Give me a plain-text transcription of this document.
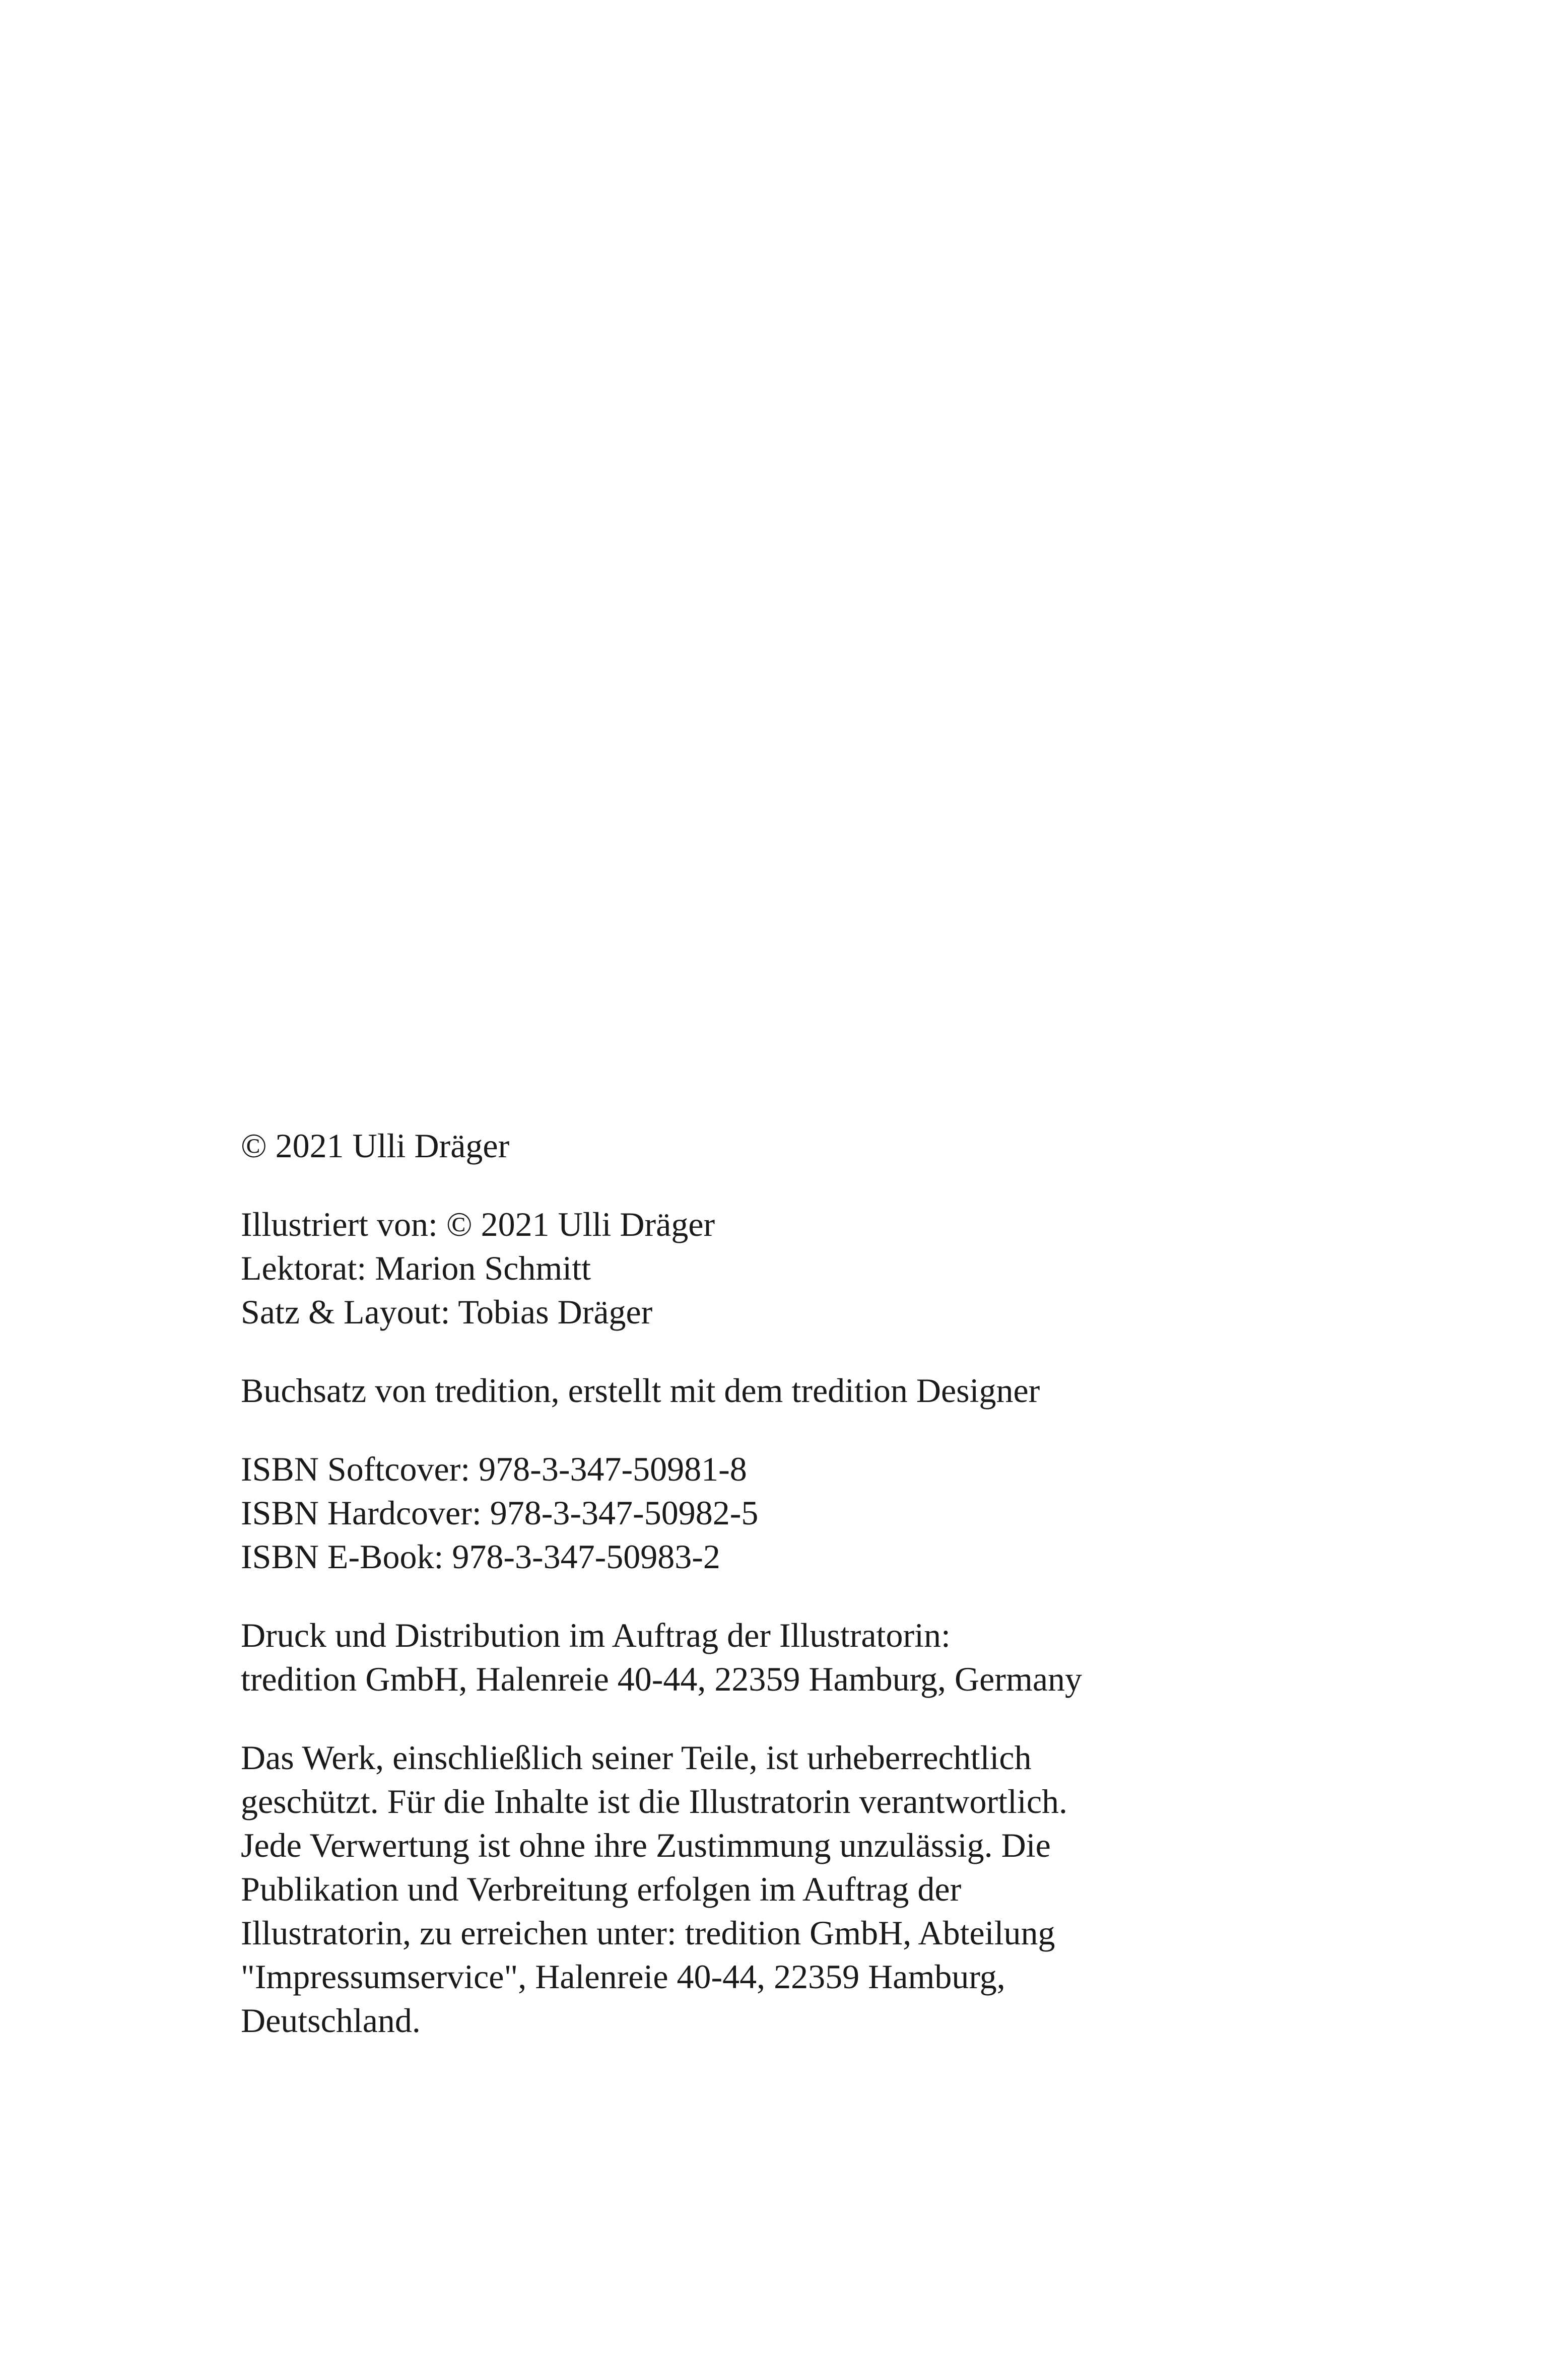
© 2021 Ulli Dräger

Illustriert von: © 2021 Ulli Dräger
Lektorat: Marion Schmitt
Satz & Layout: Tobias Dräger

Buchsatz von tredition, erstellt mit dem tredition Designer

ISBN Softcover: 978-3-347-50981-8
ISBN Hardcover: 978-3-347-50982-5
ISBN E-Book: 978-3-347-50983-2

Druck und Distribution im Auftrag der Illustratorin:
tredition GmbH, Halenreie 40-44, 22359 Hamburg, Germany

Das Werk, einschließlich seiner Teile, ist urheberrechtlich
geschützt. Für die Inhalte ist die Illustratorin verantwortlich.
Jede Verwertung ist ohne ihre Zustimmung unzulässig. Die
Publikation und Verbreitung erfolgen im Auftrag der
Illustratorin, zu erreichen unter: tredition GmbH, Abteilung
"Impressumservice", Halenreie 40-44, 22359 Hamburg,
Deutschland.
